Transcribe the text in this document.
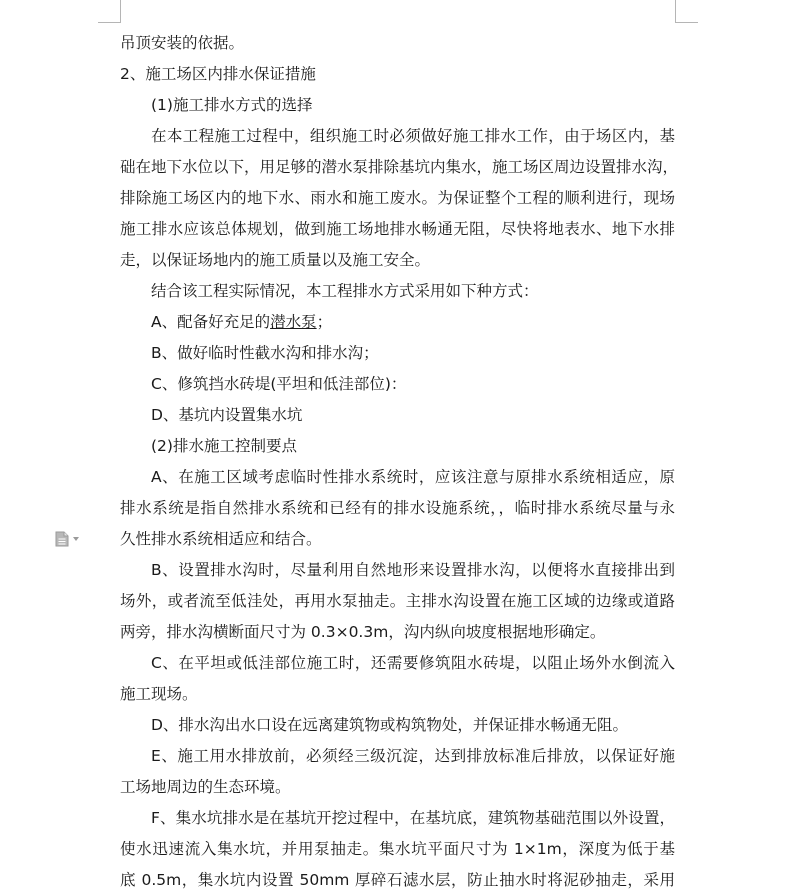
A、配备好充足的潜水泵；
吊顶安装的依据。
2、施工场区内排水保证措施
(1)施工排水方式的选择
在本工程施工过程中，组织施工时必须做好施工排水工作，由于场区内，基
础在地下水位以下，用足够的潜水泵排除基坑内集水，施工场区周边设置排水沟，
排除施工场区内的地下水、雨水和施工废水。为保证整个工程的顺利进行，现场
施工排水应该总体规划，做到施工场地排水畅通无阻，尽快将地表水、地下水排
走，以保证场地内的施工质量以及施工安全。
结合该工程实际情况，本工程排水方式采用如下种方式：
B、做好临时性截水沟和排水沟；
C、修筑挡水砖堤(平坦和低洼部位)：
D、基坑内设置集水坑
(2)排水施工控制要点
A、在施工区域考虑临时性排水系统时，应该注意与原排水系统相适应，原
排水系统是指自然排水系统和已经有的排水设施系统，，临时排水系统尽量与永
久性排水系统相适应和结合。
B、设置排水沟时，尽量利用自然地形来设置排水沟，以便将水直接排出到
场外，或者流至低洼处，再用水泵抽走。主排水沟设置在施工区域的边缘或道路
两旁，排水沟横断面尺寸为 0.3×0.3m，沟内纵向坡度根据地形确定。
C、在平坦或低洼部位施工时，还需要修筑阻水砖堤，以阻止场外水倒流入
施工现场。
D、排水沟出水口设在远离建筑物或构筑物处，并保证排水畅通无阻。
E、施工用水排放前，必须经三级沉淀，达到排放标准后排放，以保证好施
工场地周边的生态环境。
F、集水坑排水是在基坑开挖过程中，在基坑底，建筑物基础范围以外设置，
使水迅速流入集水坑，并用泵抽走。集水坑平面尺寸为 1×1m，深度为低于基
底 0.5m，集水坑内设置 50mm 厚碎石滤水层，防止抽水时将泥砂抽走，采用
